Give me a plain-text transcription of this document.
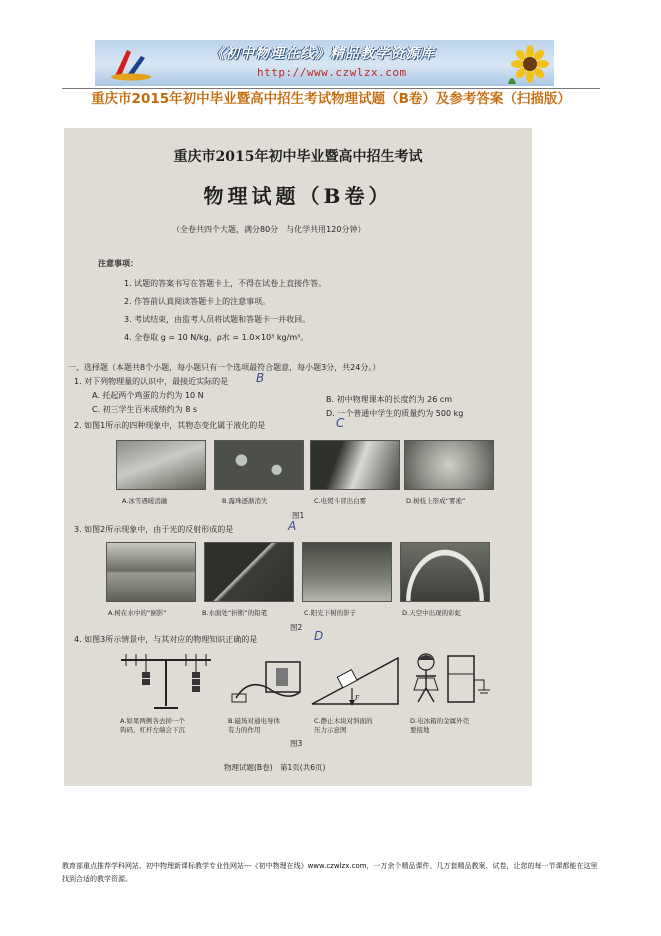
《初中物理在线》精品教学资源库
http://www.czwlzx.com
重庆市2015年初中毕业暨高中招生考试物理试题（B卷）及参考答案（扫描版）
重庆市2015年初中毕业暨高中招生考试
物理试题（B卷）
（全卷共四个大题，满分80分　与化学共用120分钟）
注意事项：
1. 试题的答案书写在答题卡上，不得在试卷上直接作答。
2. 作答前认真阅读答题卡上的注意事项。
3. 考试结束，由监考人员将试题和答题卡一并收回。
4. 全卷取 g = 10 N/kg，ρ水 = 1.0×10³ kg/m³。
一、选择题（本题共8个小题，每小题只有一个选项最符合题意，每小题3分，共24分。）
1. 对下列物理量的认识中，最接近实际的是 B
A. 托起两个鸡蛋的力约为 10 N	B. 初中物理课本的长度约为 26 cm
C. 初三学生百米成绩约为 8 s	D. 一个普通中学生的质量约为 500 kg
2. 如图1所示的四种现象中，其物态变化属于液化的是	C
A.冰雪遇暖消融	B.露珠逐渐消失	C.电熨斗冒出白雾	D.树枝上形成“雾凇”
图1
3. 如图2所示现象中，由于光的反射形成的是	A
A.树在水中的“倒影”	B.水面处“折断”的铅笔	C.阳光下树的影子	D.天空中出现的彩虹
图2
4. 如图3所示情景中，与其对应的物理知识正确的是	D
F
A.如果两侧各去掉一个
钩码，杠杆左端会下沉
B.磁场对通电导体
有力的作用
C.静止木块对斜面的
压力示意图
D.电冰箱的金属外壳
要接地
图3
物理试题(B卷)　第1页(共6页)
教育部重点推荐学科网站、初中物理新课标教学专业性网站---《初中物理在线》www.czwlzx.com，一万余个精品课件、几万套精品教案、试卷，让您的每一节课都能在这里找到合适的教学资源。
